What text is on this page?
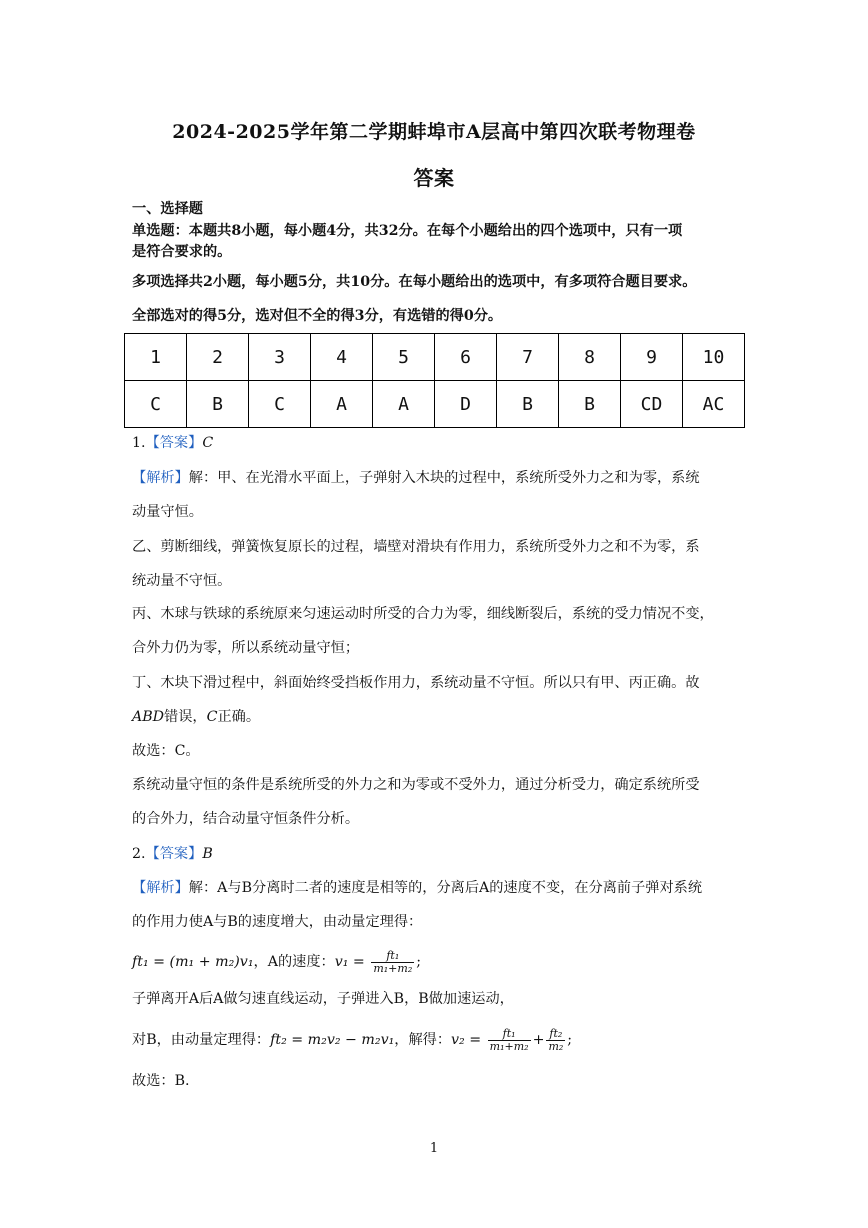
2024-2025学年第二学期蚌埠市A层高中第四次联考物理卷
答案
一、选择题
单选题：本题共8小题，每小题4分，共32分。在每个小题给出的四个选项中，只有一项
是符合要求的。
多项选择共2小题，每小题5分，共10分。在每小题给出的选项中，有多项符合题目要求。
全部选对的得5分，选对但不全的得3分，有选错的得0分。
1	2	3	4	5	6	7	8	9	10
C	B	C	A	A	D	B	B	CD	AC
1.【答案】C
【解析】解：甲、在光滑水平面上，子弹射入木块的过程中，系统所受外力之和为零，系统
动量守恒。
乙、剪断细线，弹簧恢复原长的过程，墙壁对滑块有作用力，系统所受外力之和不为零，系
统动量不守恒。
丙、木球与铁球的系统原来匀速运动时所受的合力为零，细线断裂后，系统的受力情况不变，
合外力仍为零，所以系统动量守恒；
丁、木块下滑过程中，斜面始终受挡板作用力，系统动量不守恒。所以只有甲、丙正确。故
ABD错误，C正确。
故选：C。
系统动量守恒的条件是系统所受的外力之和为零或不受外力，通过分析受力，确定系统所受
的合外力，结合动量守恒条件分析。
2.【答案】B
【解析】解：A与B分离时二者的速度是相等的，分离后A的速度不变，在分离前子弹对系统
的作用力使A与B的速度增大，由动量定理得：
ft₁ = (m₁ + m₂)v₁，A的速度：$v_1 = \frac{\text{ft₁}}{\text{m₁+m₂}}$ ;
子弹离开A后A做匀速直线运动，子弹进入B，B做加速运动，
对B，由动量定理得：ft₂ = m₂v₂ − m₂v₁，解得：$v_2 = \frac{\text{ft₁}}{\text{m₁+m₂}} + \frac{\text{ft₂}}{\text{m₂}}$ ;
故选：B.
1
